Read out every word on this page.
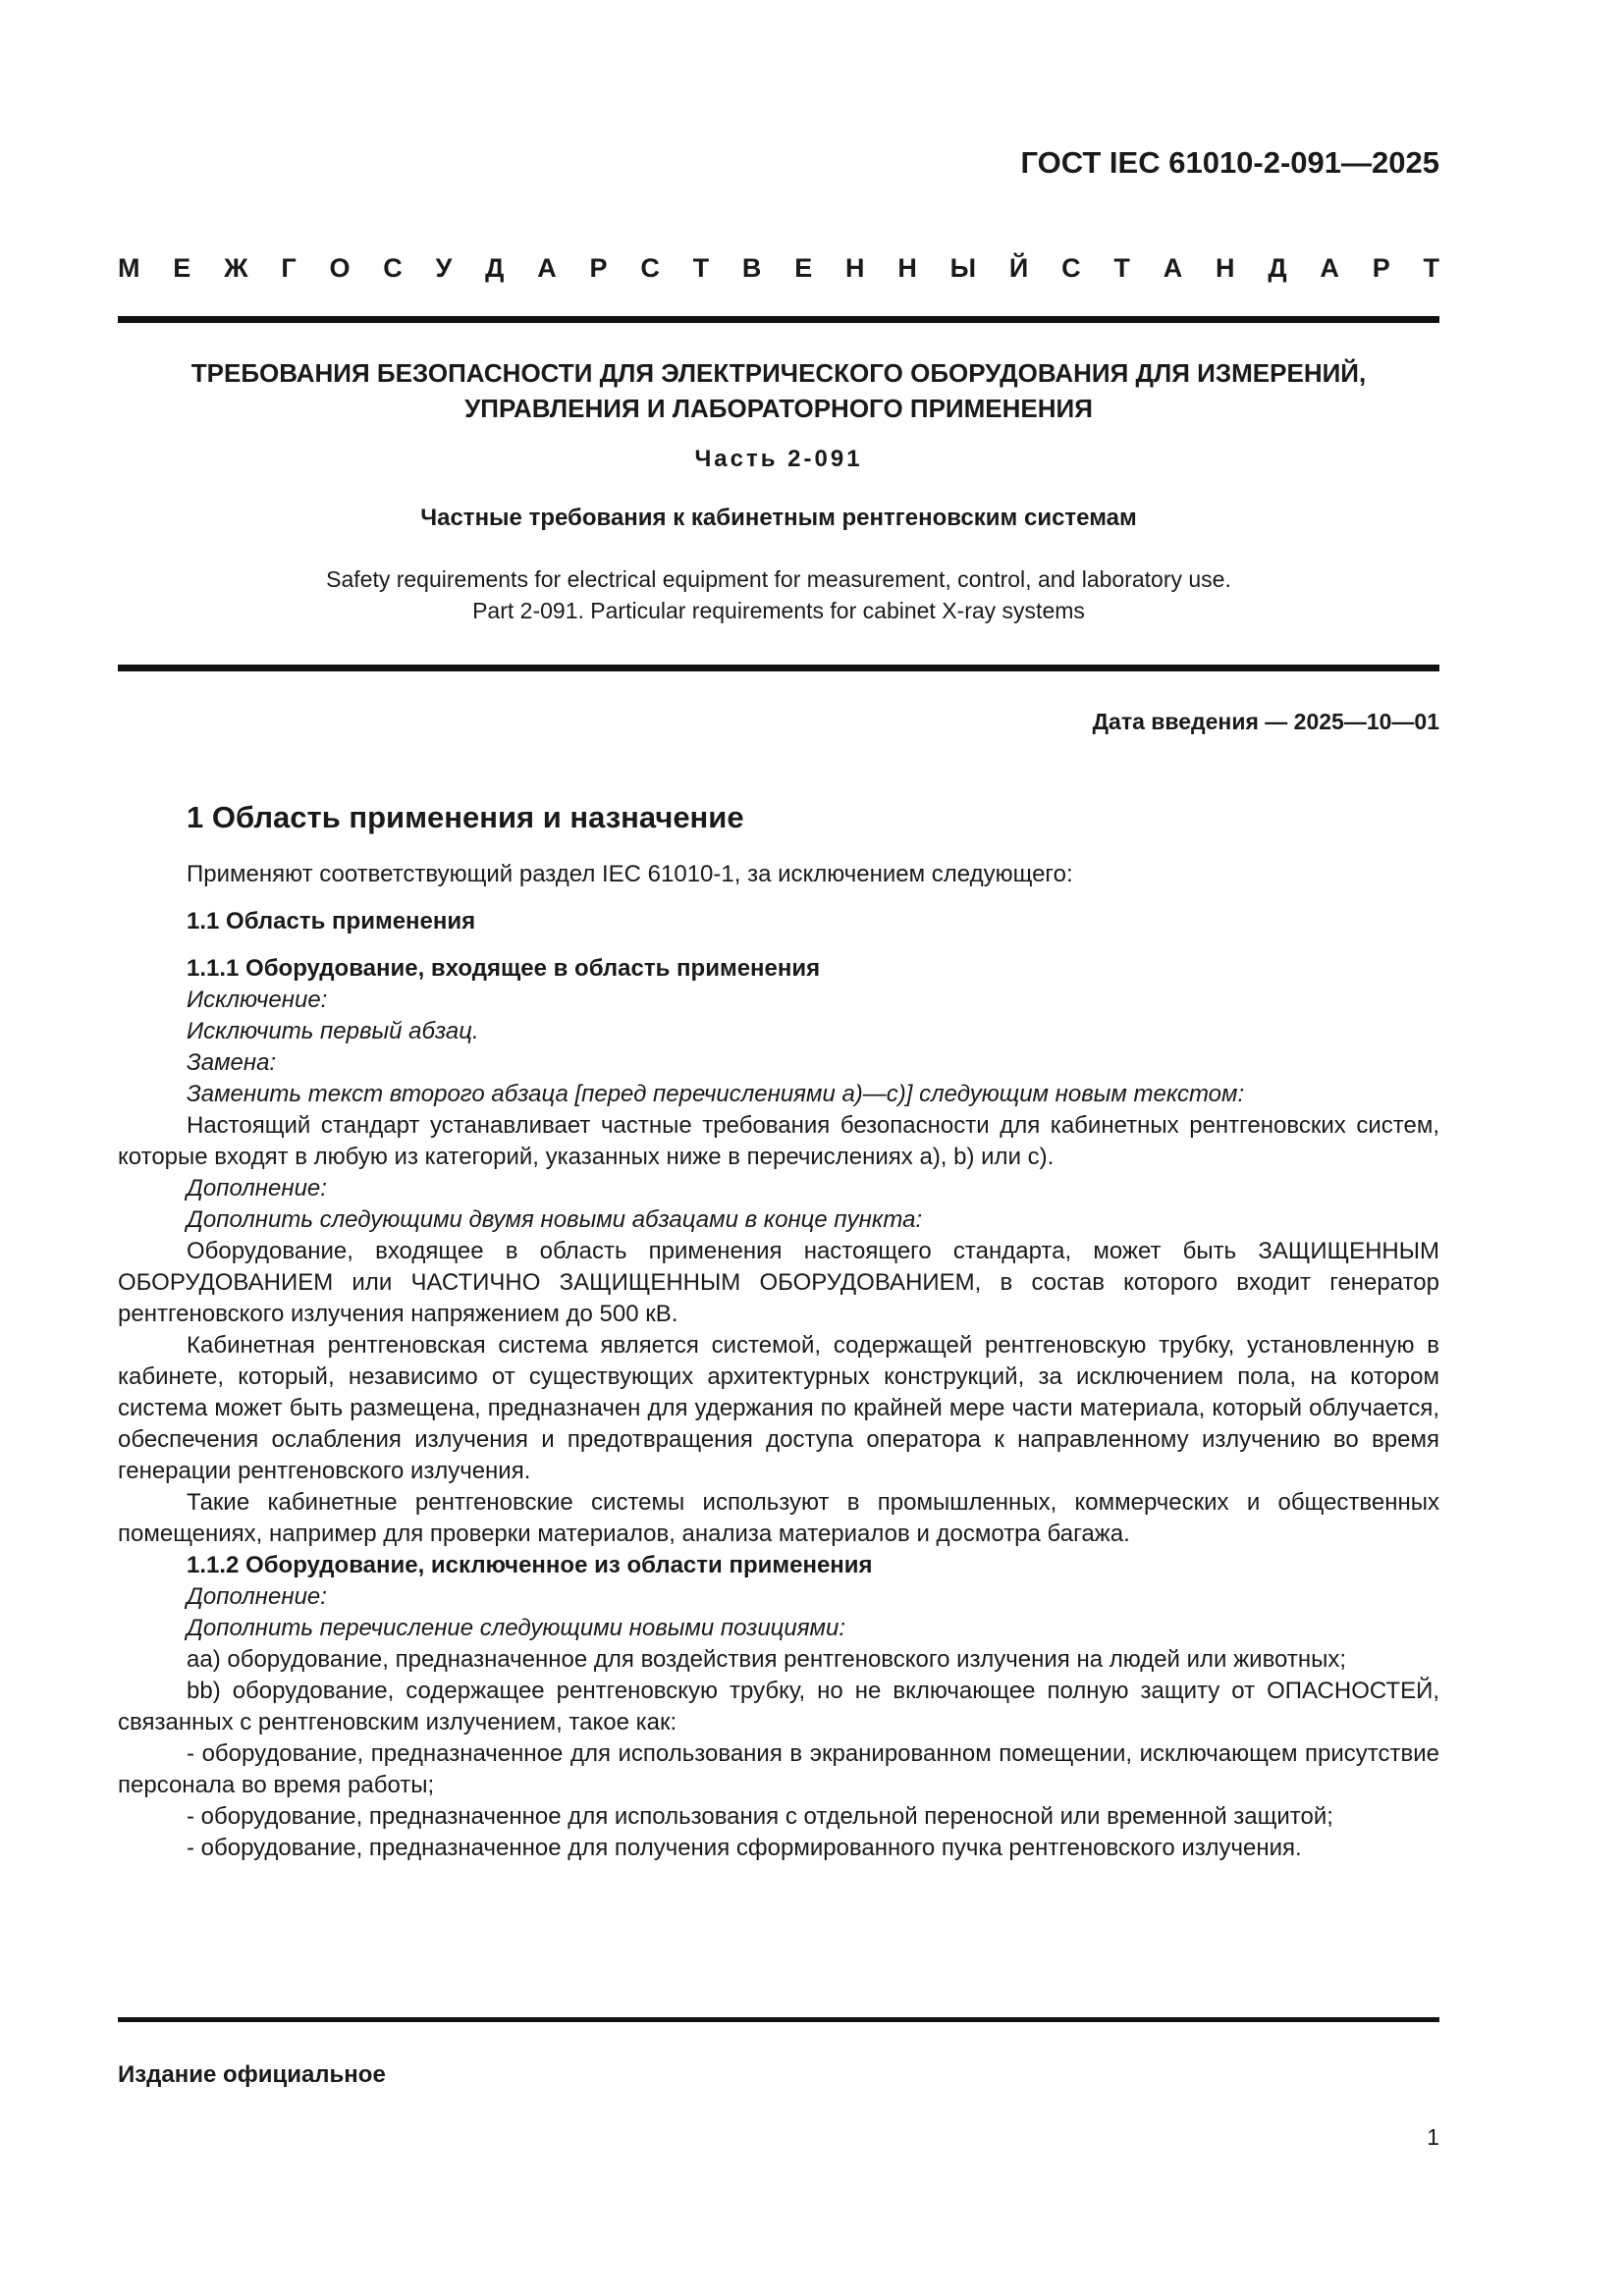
ГОСТ IEC 61010-2-091—2025
М Е Ж Г О С У Д А Р С Т В Е Н Н Ы Й С Т А Н Д А Р Т
ТРЕБОВАНИЯ БЕЗОПАСНОСТИ ДЛЯ ЭЛЕКТРИЧЕСКОГО ОБОРУДОВАНИЯ ДЛЯ ИЗМЕРЕНИЙ,
УПРАВЛЕНИЯ И ЛАБОРАТОРНОГО ПРИМЕНЕНИЯ
Часть 2-091
Частные требования к кабинетным рентгеновским системам
Safety requirements for electrical equipment for measurement, control, and laboratory use.
Part 2-091. Particular requirements for cabinet X-ray systems
Дата введения — 2025—10—01
1 Область применения и назначение

Применяют соответствующий раздел IEC 61010-1, за исключением следующего:

1.1 Область применения

1.1.1 Оборудование, входящее в область применения

Исключение:

Исключить первый абзац.

Замена:

Заменить текст второго абзаца [перед перечислениями а)—с)] следующим новым текстом:

Настоящий стандарт устанавливает частные требования безопасности для кабинетных рентгеновских систем, которые входят в любую из категорий, указанных ниже в перечислениях а), b) или с).

Дополнение:

Дополнить следующими двумя новыми абзацами в конце пункта:

Оборудование, входящее в область применения настоящего стандарта, может быть ЗАЩИЩЕННЫМ ОБОРУДОВАНИЕМ или ЧАСТИЧНО ЗАЩИЩЕННЫМ ОБОРУДОВАНИЕМ, в состав которого входит генератор рентгеновского излучения напряжением до 500 кВ.

Кабинетная рентгеновская система является системой, содержащей рентгеновскую трубку, установленную в кабинете, который, независимо от существующих архитектурных конструкций, за исключением пола, на котором система может быть размещена, предназначен для удержания по крайней мере части материала, который облучается, обеспечения ослабления излучения и предотвращения доступа оператора к направленному излучению во время генерации рентгеновского излучения.

Такие кабинетные рентгеновские системы используют в промышленных, коммерческих и общественных помещениях, например для проверки материалов, анализа материалов и досмотра багажа.

1.1.2 Оборудование, исключенное из области применения

Дополнение:

Дополнить перечисление следующими новыми позициями:

аа) оборудование, предназначенное для воздействия рентгеновского излучения на людей или животных;

bb) оборудование, содержащее рентгеновскую трубку, но не включающее полную защиту от ОПАСНОСТЕЙ, связанных с рентгеновским излучением, такое как:

- оборудование, предназначенное для использования в экранированном помещении, исключающем присутствие персонала во время работы;

- оборудование, предназначенное для использования с отдельной переносной или временной защитой;

- оборудование, предназначенное для получения сформированного пучка рентгеновского излучения.

Издание официальное
1
